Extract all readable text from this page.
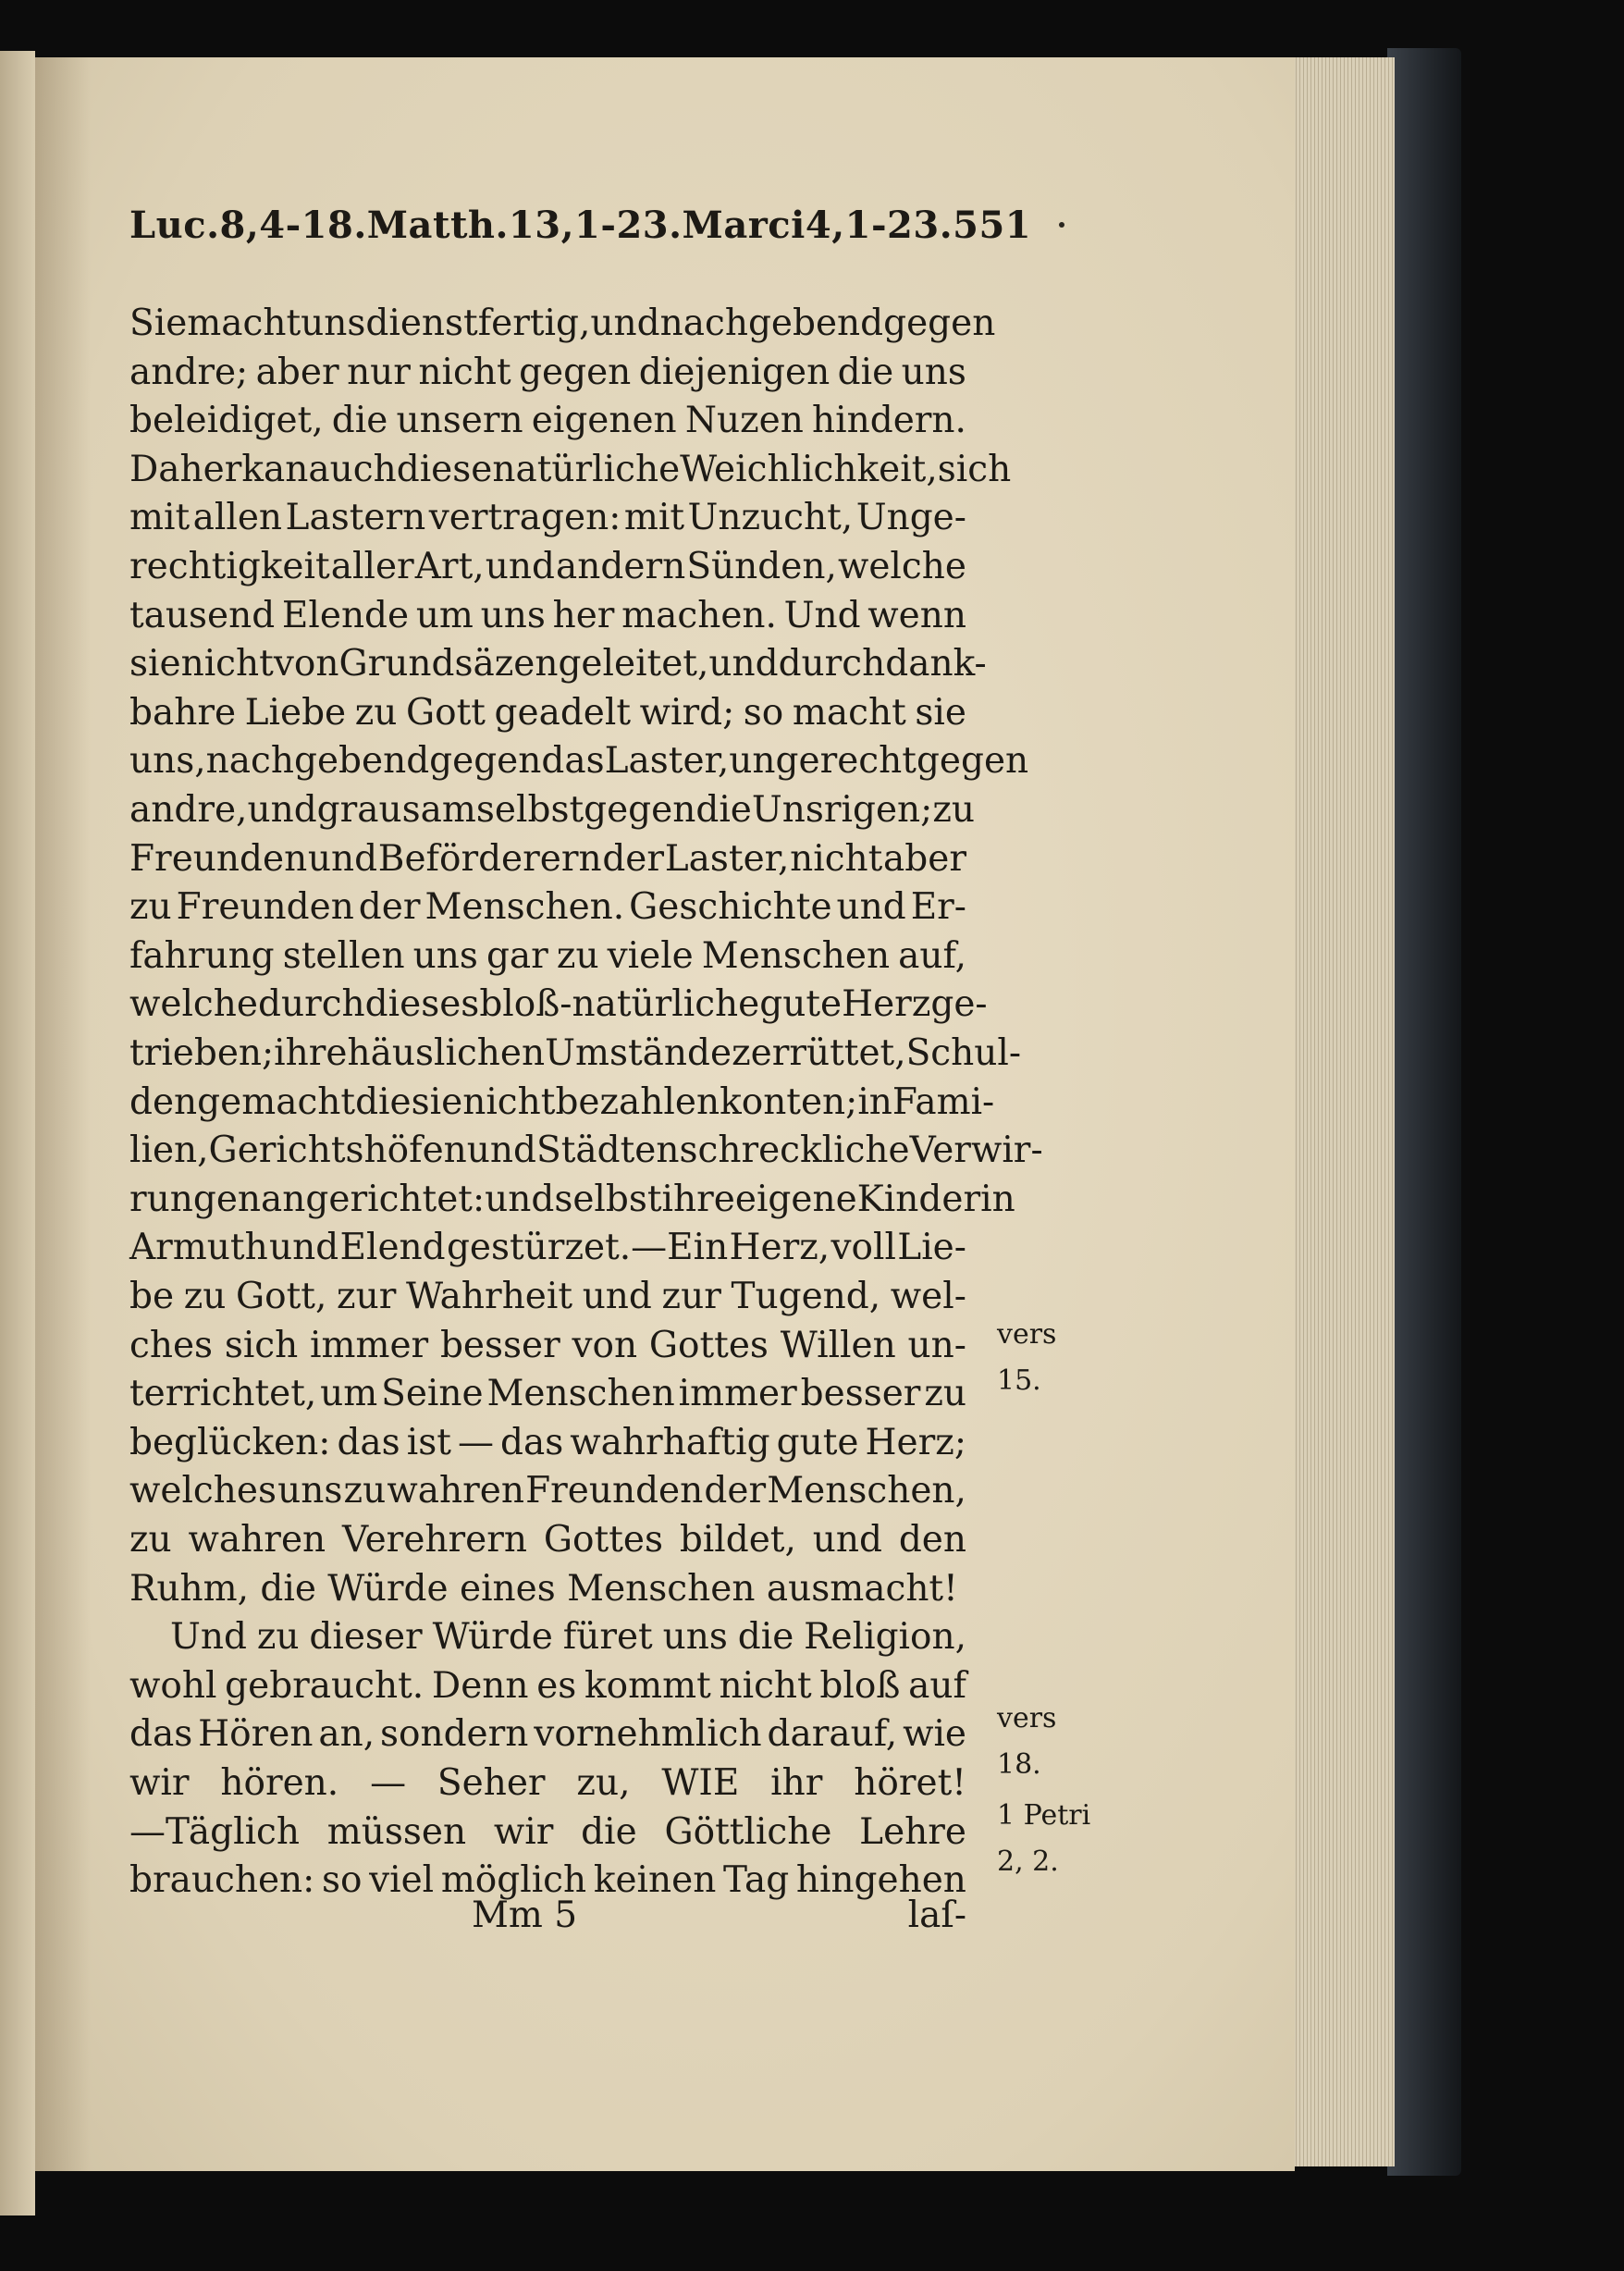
Luc.8,4-18.Matth.13,1-23.Marci4,1-23.551
Sie macht uns dienstfertig, und nachgebend gegen
andre; aber nur nicht gegen diejenigen die uns
beleidiget, die unsern eigenen Nuzen hindern.
Daher kan auch diese natürliche Weichlichkeit, sich
mit allen Lastern vertragen: mit Unzucht, Unge-
rechtigkeit aller Art, und andern Sünden, welche
tausend Elende um uns her machen. Und wenn
sie nicht von Grundsäzen geleitet, und durch dank-
bahre Liebe zu Gott geadelt wird; so macht sie
uns, nachgebend gegen das Laster, ungerecht gegen
andre, und grausam selbst gegen die Unsrigen; zu
Freunden und Beförderern der Laster, nicht aber
zu Freunden der Menschen. Geschichte und Er-
fahrung stellen uns gar zu viele Menschen auf,
welche durch dieses bloß-natürliche gute Herz ge-
trieben; ihre häuslichen Umstände zerrüttet, Schul-
den gemacht die sie nicht bezahlen konten; in Fami-
lien, Gerichtshöfen und Städten schreckliche Verwir-
rungen angerichtet: und selbst ihre eigene Kinder in
Armuth und Elend gestürzet.—Ein Herz, voll Lie-
be zu Gott, zur Wahrheit und zur Tugend, wel-
ches sich immer besser von Gottes Willen un-
terrichtet, um Seine Menschen immer besser zu
beglücken: das ist — das wahrhaftig gute Herz;
welches uns zu wahren Freunden der Menschen,
zu wahren Verehrern Gottes bildet, und den
Ruhm, die Würde eines Menschen ausmacht!
Und zu dieser Würde füret uns die Religion,
wohl gebraucht. Denn es kommt nicht bloß auf
das Hören an, sondern vornehmlich darauf, wie
wir hören. — Seher zu, WIE ihr höret!
—Täglich müssen wir die Göttliche Lehre
brauchen: so viel möglich keinen Tag hingehen
vers
15.
vers
18.
1 Petri
2, 2.
Mm 5	laſ-
